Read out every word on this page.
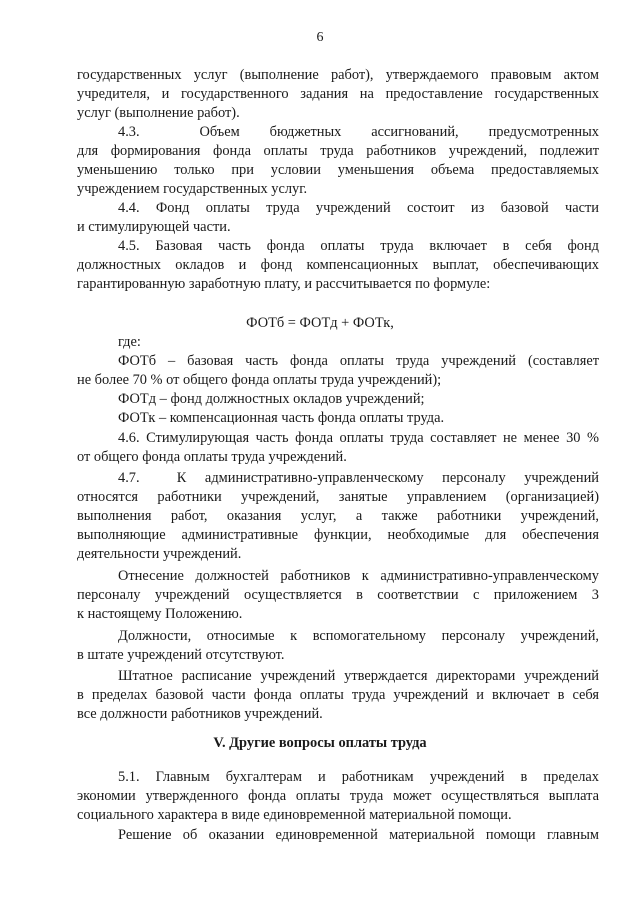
6
государственных услуг (выполнение работ), утверждаемого правовым актом
учредителя, и государственного задания на предоставление государственных
услуг (выполнение работ).
4.3.  Объем бюджетных ассигнований, предусмотренных
для формирования фонда оплаты труда работников учреждений, подлежит
уменьшению только при условии уменьшения объема предоставляемых
учреждением государственных услуг.
4.4. Фонд оплаты труда учреждений состоит из базовой части
и стимулирующей части.
4.5. Базовая часть фонда оплаты труда включает в себя фонд
должностных окладов и фонд компенсационных выплат, обеспечивающих
гарантированную заработную плату, и рассчитывается по формуле:
ФОТб = ФОТд + ФОТк,
где:
ФОТб – базовая часть фонда оплаты труда учреждений (составляет
не более 70 % от общего фонда оплаты труда учреждений);
ФОТд – фонд должностных окладов учреждений;
ФОТк – компенсационная часть фонда оплаты труда.
4.6. Стимулирующая часть фонда оплаты труда составляет не менее 30 %
от общего фонда оплаты труда учреждений.
4.7.  К административно-управленческому персоналу учреждений
относятся работники учреждений, занятые управлением (организацией)
выполнения работ, оказания услуг, а также работники учреждений,
выполняющие административные функции, необходимые для обеспечения
деятельности учреждений.
Отнесение должностей работников к административно-управленческому
персоналу учреждений осуществляется в соответствии с приложением 3
к настоящему Положению.
Должности, относимые к вспомогательному персоналу учреждений,
в штате учреждений отсутствуют.
Штатное расписание учреждений утверждается директорами учреждений
в пределах базовой части фонда оплаты труда учреждений и включает в себя
все должности работников учреждений.
V. Другие вопросы оплаты труда
5.1. Главным бухгалтерам и работникам учреждений в пределах
экономии утвержденного фонда оплаты труда может осуществляться выплата
социального характера в виде единовременной материальной помощи.
Решение об оказании единовременной материальной помощи главным
